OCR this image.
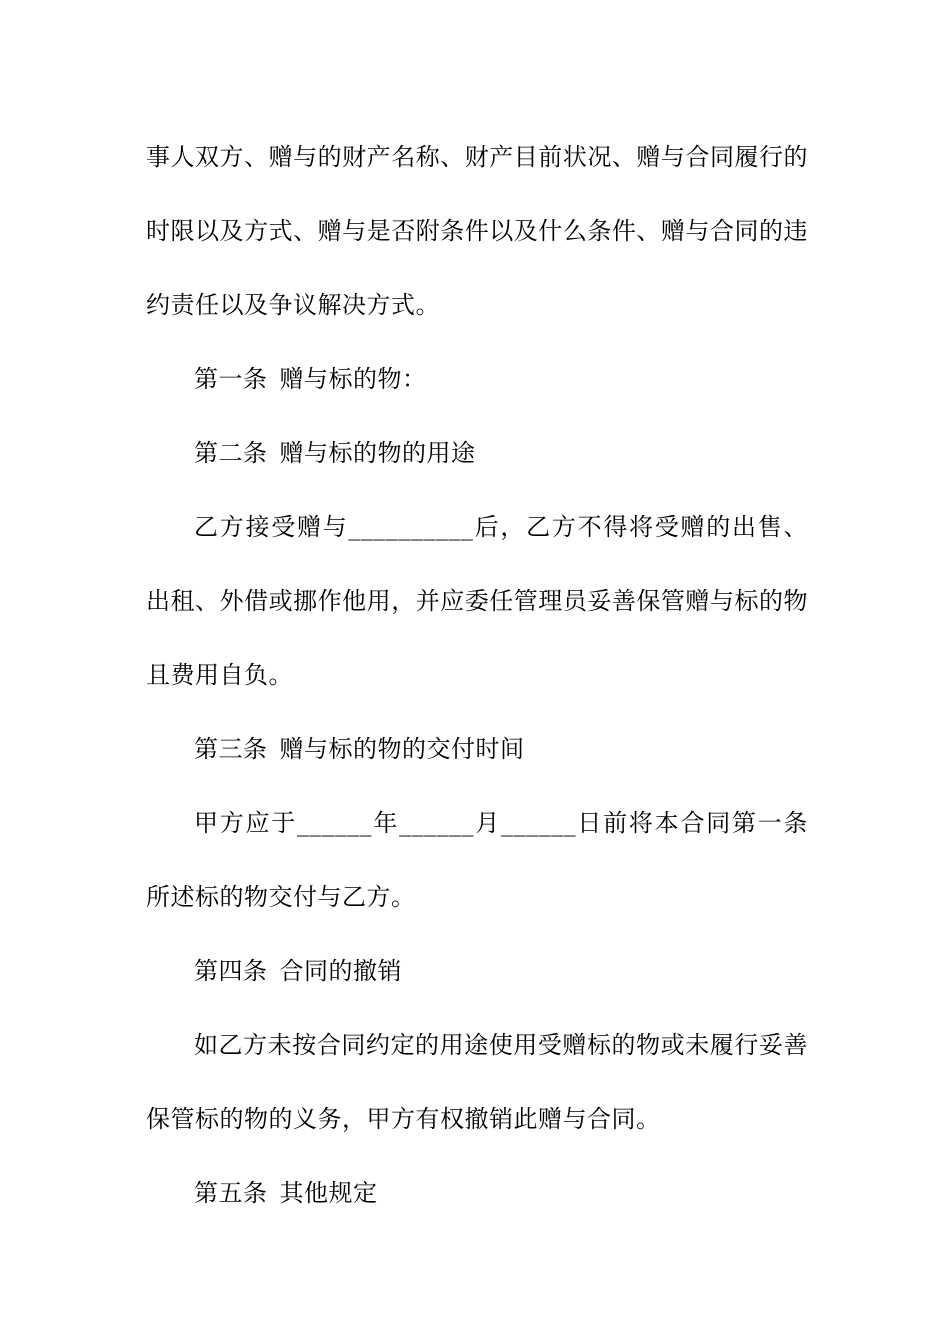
事人双方、赠与的财产名称、财产目前状况、赠与合同履行的时限以及方式、赠与是否附条件以及什么条件、赠与合同的违约责任以及争议解决方式。

第一条 赠与标的物：

第二条 赠与标的物的用途

乙方接受赠与__________后，乙方不得将受赠的出售、出租、外借或挪作他用，并应委任管理员妥善保管赠与标的物且费用自负。

第三条 赠与标的物的交付时间

甲方应于______年______月______日前将本合同第一条所述标的物交付与乙方。

第四条 合同的撤销

如乙方未按合同约定的用途使用受赠标的物或未履行妥善保管标的物的义务，甲方有权撤销此赠与合同。

第五条 其他规定
